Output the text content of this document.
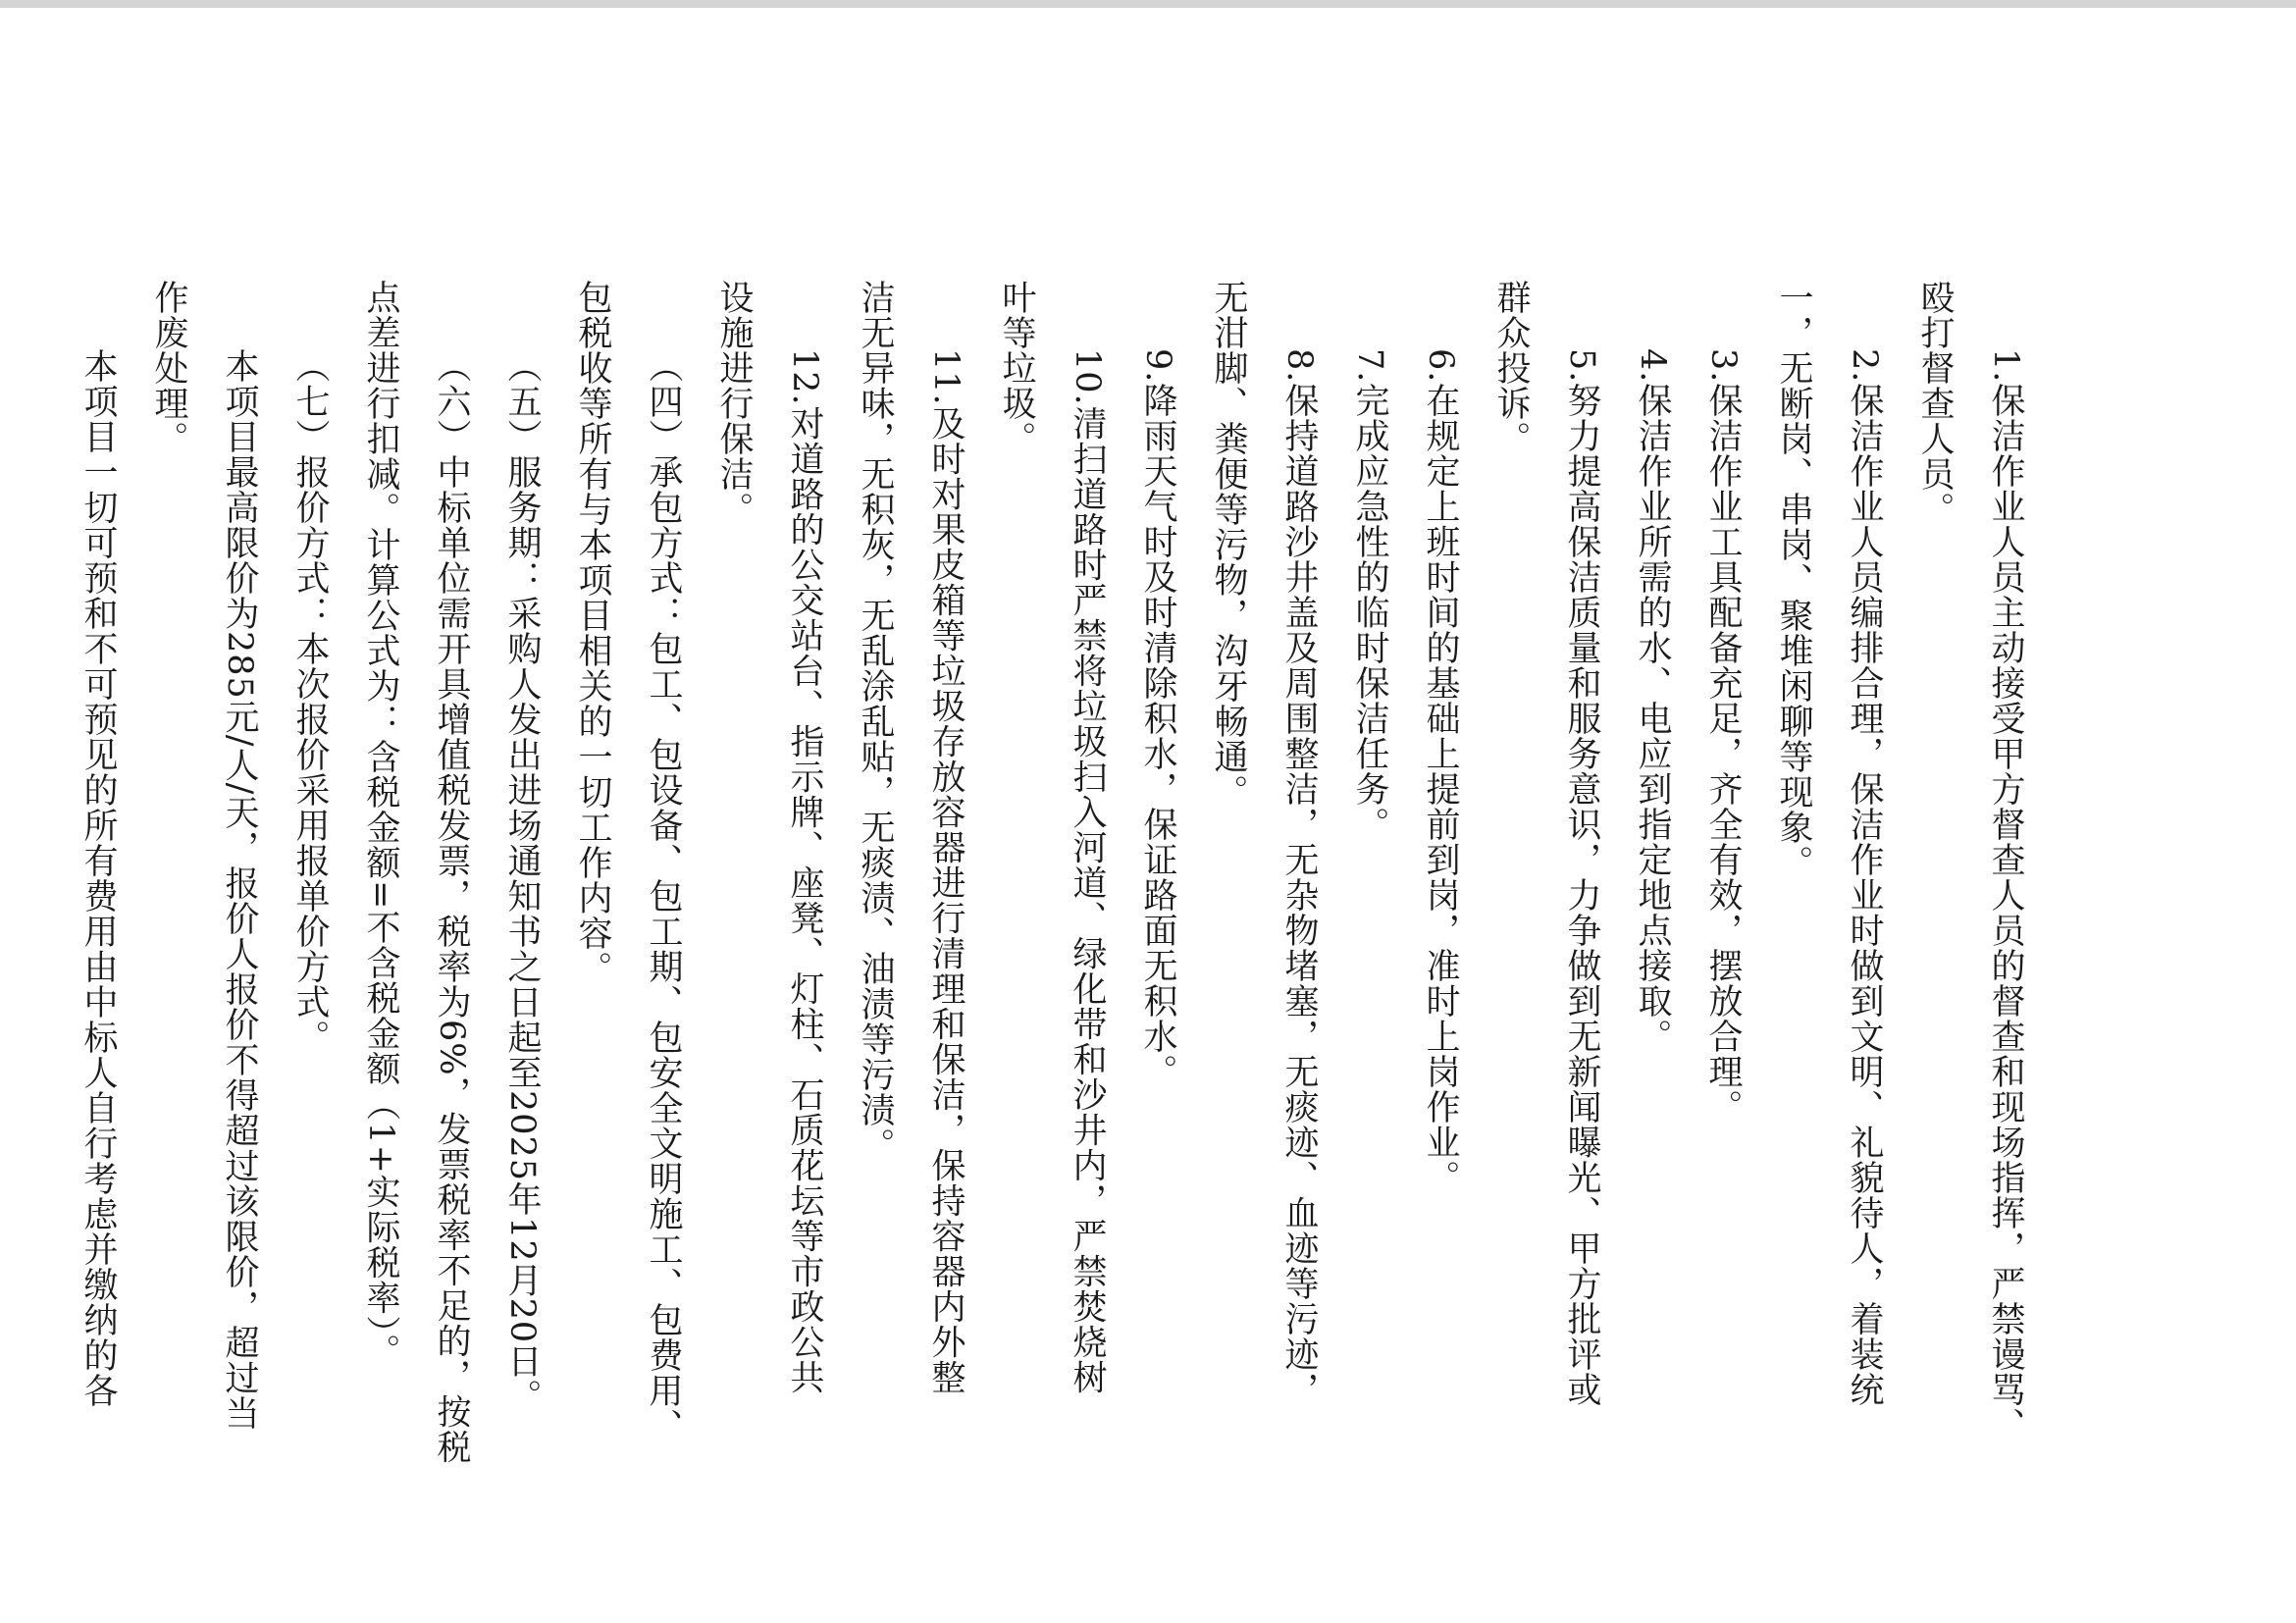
1.保洁作业人员主动接受甲方督查人员的督查和现场指挥，严禁谩骂、

殴打督查人员。

2.保洁作业人员编排合理，保洁作业时做到文明、礼貌待人，着装统

一，无断岗、串岗、聚堆闲聊等现象。

3.保洁作业工具配备充足，齐全有效，摆放合理。

4.保洁作业所需的水、电应到指定地点接取。

5.努力提高保洁质量和服务意识，力争做到无新闻曝光、甲方批评或

群众投诉。

6.在规定上班时间的基础上提前到岗，准时上岗作业。

7.完成应急性的临时保洁任务。

8.保持道路沙井盖及周围整洁，无杂物堵塞，无痰迹、血迹等污迹，

无泔脚、粪便等污物，沟牙畅通。

9.降雨天气时及时清除积水，保证路面无积水。

10.清扫道路时严禁将垃圾扫入河道、绿化带和沙井内，严禁焚烧树

叶等垃圾。

11.及时对果皮箱等垃圾存放容器进行清理和保洁，保持容器内外整

洁无异味，无积灰，无乱涂乱贴，无痰渍、油渍等污渍。

12.对道路的公交站台、指示牌、座凳、灯柱、石质花坛等市政公共

设施进行保洁。

（四）承包方式：包工、包设备、包工期、包安全文明施工、包费用、

包税收等所有与本项目相关的一切工作内容。

（五）服务期：采购人发出进场通知书之日起至2025年12月20日。

（六）中标单位需开具增值税发票，税率为6%，发票税率不足的，按税

点差进行扣减。计算公式为：含税金额=不含税金额（1+实际税率）。

（七）报价方式：本次报价采用报单价方式。

本项目最高限价为285元/人/天，报价人报价不得超过该限价，超过当

作废处理。

本项目一切可预和不可预见的所有费用由中标人自行考虑并缴纳的各
